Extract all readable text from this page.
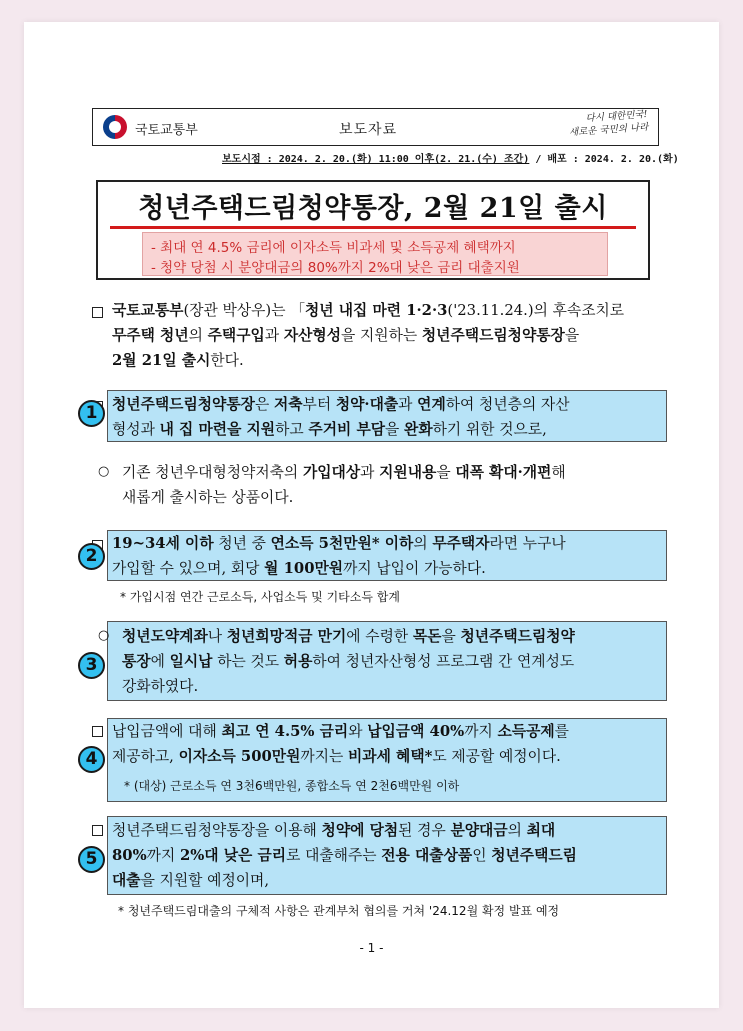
국토교통부	보도자료
다시 대한민국!
새로운 국민의 나라
보도시점 : 2024. 2. 20.(화) 11:00 이후(2. 21.(수) 조간) / 배포 : 2024. 2. 20.(화)
청년주택드림청약통장, 2월 21일 출시
- 최대 연 4.5% 금리에 이자소득 비과세 및 소득공제 혜택까지
- 청약 당첨 시 분양대금의 80%까지 2%대 낮은 금리 대출지원
국토교통부(장관 박상우)는 「청년 내집 마련 1·2·3('23.11.24.)의 후속조치로
무주택 청년의 주택구입과 자산형성을 지원하는 청년주택드림청약통장을
2월 21일 출시한다.
1 청년주택드림청약통장은 저축부터 청약·대출과 연계하여 청년층의 자산
형성과 내 집 마련을 지원하고 주거비 부담을 완화하기 위한 것으로,
○ 기존 청년우대형청약저축의 가입대상과 지원내용을 대폭 확대·개편해
새롭게 출시하는 상품이다.
2
19~34세 이하 청년 중 연소득 5천만원* 이하의 무주택자라면 누구나
가입할 수 있으며, 회당 월 100만원까지 납입이 가능하다.
* 가입시점 연간 근로소득, 사업소득 및 기타소득 합계
○
3
청년도약계좌나 청년희망적금 만기에 수령한 목돈을 청년주택드림청약
통장에 일시납 하는 것도 허용하여 청년자산형성 프로그램 간 연계성도
강화하였다.
4
납입금액에 대해 최고 연 4.5% 금리와 납입금액 40%까지 소득공제를
제공하고, 이자소득 500만원까지는 비과세 혜택*도 제공할 예정이다.
* (대상) 근로소득 연 3천6백만원, 종합소득 연 2천6백만원 이하
5
청년주택드림청약통장을 이용해 청약에 당첨된 경우 분양대금의 최대
80%까지 2%대 낮은 금리로 대출해주는 전용 대출상품인 청년주택드림
대출을 지원할 예정이며,
* 청년주택드림대출의 구체적 사항은 관계부처 협의를 거쳐 '24.12월 확정 발표 예정
- 1 -
